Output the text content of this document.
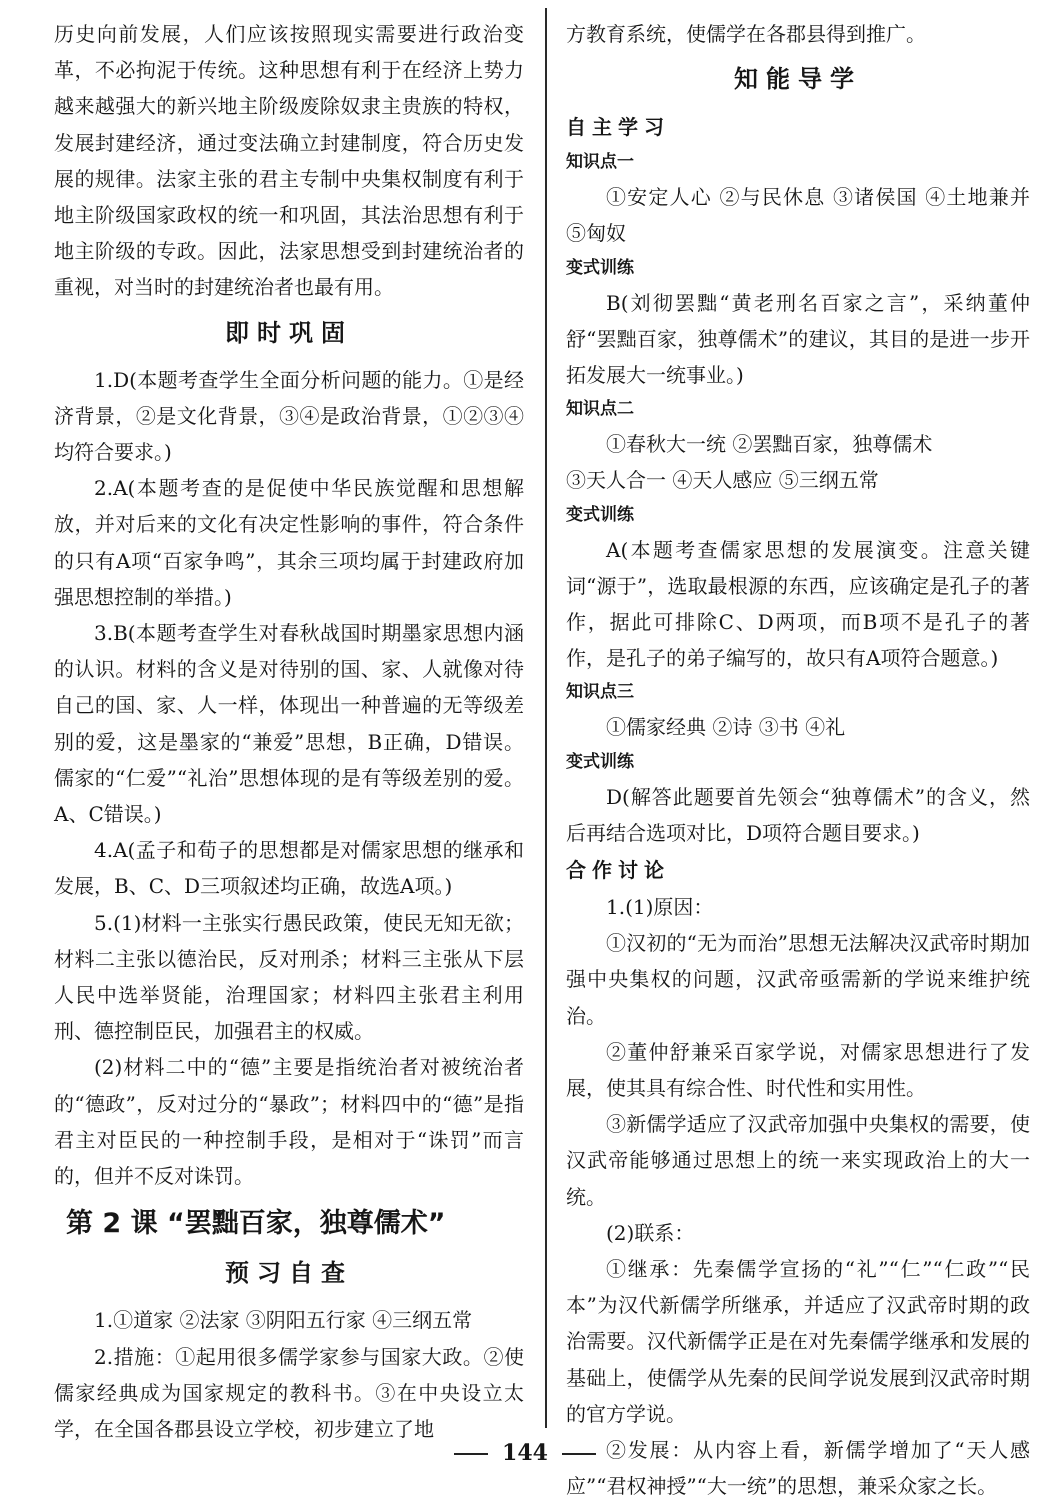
历史向前发展，人们应该按照现实需要进行政治变革，不必拘泥于传统。这种思想有利于在经济上势力越来越强大的新兴地主阶级废除奴隶主贵族的特权，发展封建经济，通过变法确立封建制度，符合历史发展的规律。法家主张的君主专制中央集权制度有利于地主阶级国家政权的统一和巩固，其法治思想有利于地主阶级的专政。因此，法家思想受到封建统治者的重视，对当时的封建统治者也最有用。

即时巩固

1.D(本题考查学生全面分析问题的能力。①是经济背景，②是文化背景，③④是政治背景，①②③④均符合要求。)

2.A(本题考查的是促使中华民族觉醒和思想解放，并对后来的文化有决定性影响的事件，符合条件的只有A项“百家争鸣”，其余三项均属于封建政府加强思想控制的举措。)

3.B(本题考查学生对春秋战国时期墨家思想内涵的认识。材料的含义是对待别的国、家、人就像对待自己的国、家、人一样，体现出一种普遍的无等级差别的爱，这是墨家的“兼爱”思想，B正确，D错误。儒家的“仁爱”“礼治”思想体现的是有等级差别的爱。A、C错误。)

4.A(孟子和荀子的思想都是对儒家思想的继承和发展，B、C、D三项叙述均正确，故选A项。)

5.(1)材料一主张实行愚民政策，使民无知无欲；材料二主张以德治民，反对刑杀；材料三主张从下层人民中选举贤能，治理国家；材料四主张君主利用刑、德控制臣民，加强君主的权威。

(2)材料二中的“德”主要是指统治者对被统治者的“德政”，反对过分的“暴政”；材料四中的“德”是指君主对臣民的一种控制手段，是相对于“诛罚”而言的，但并不反对诛罚。

第 2 课 “罢黜百家，独尊儒术”
预习自查

1.①道家 ②法家 ③阴阳五行家 ④三纲五常

2.措施：①起用很多儒学家参与国家大政。②使儒家经典成为国家规定的教科书。③在中央设立太学，在全国各郡县设立学校，初步建立了地

方教育系统，使儒学在各郡县得到推广。

知能导学
自主学习
知识点一

①安定人心 ②与民休息 ③诸侯国 ④土地兼并 ⑤匈奴

变式训练

B(刘彻罢黜“黄老刑名百家之言”，采纳董仲舒“罢黜百家，独尊儒术”的建议，其目的是进一步开拓发展大一统事业。)

知识点二

①春秋大一统 ②罢黜百家，独尊儒术

③天人合一 ④天人感应 ⑤三纲五常

变式训练

A(本题考查儒家思想的发展演变。注意关键词“源于”，选取最根源的东西，应该确定是孔子的著作，据此可排除C、D两项，而B项不是孔子的著作，是孔子的弟子编写的，故只有A项符合题意。)

知识点三

①儒家经典 ②诗 ③书 ④礼

变式训练

D(解答此题要首先领会“独尊儒术”的含义，然后再结合选项对比，D项符合题目要求。)

合作讨论

1.(1)原因：

①汉初的“无为而治”思想无法解决汉武帝时期加强中央集权的问题，汉武帝亟需新的学说来维护统治。

②董仲舒兼采百家学说，对儒家思想进行了发展，使其具有综合性、时代性和实用性。

③新儒学适应了汉武帝加强中央集权的需要，使汉武帝能够通过思想上的统一来实现政治上的大一统。

(2)联系：

①继承：先秦儒学宣扬的“礼”“仁”“仁政”“民本”为汉代新儒学所继承，并适应了汉武帝时期的政治需要。汉代新儒学正是在对先秦儒学继承和发展的基础上，使儒学从先秦的民间学说发展到汉武帝时期的官方学说。

②发展：从内容上看，新儒学增加了“天人感应”“君权神授”“大一统”的思想，兼采众家之长。

144
